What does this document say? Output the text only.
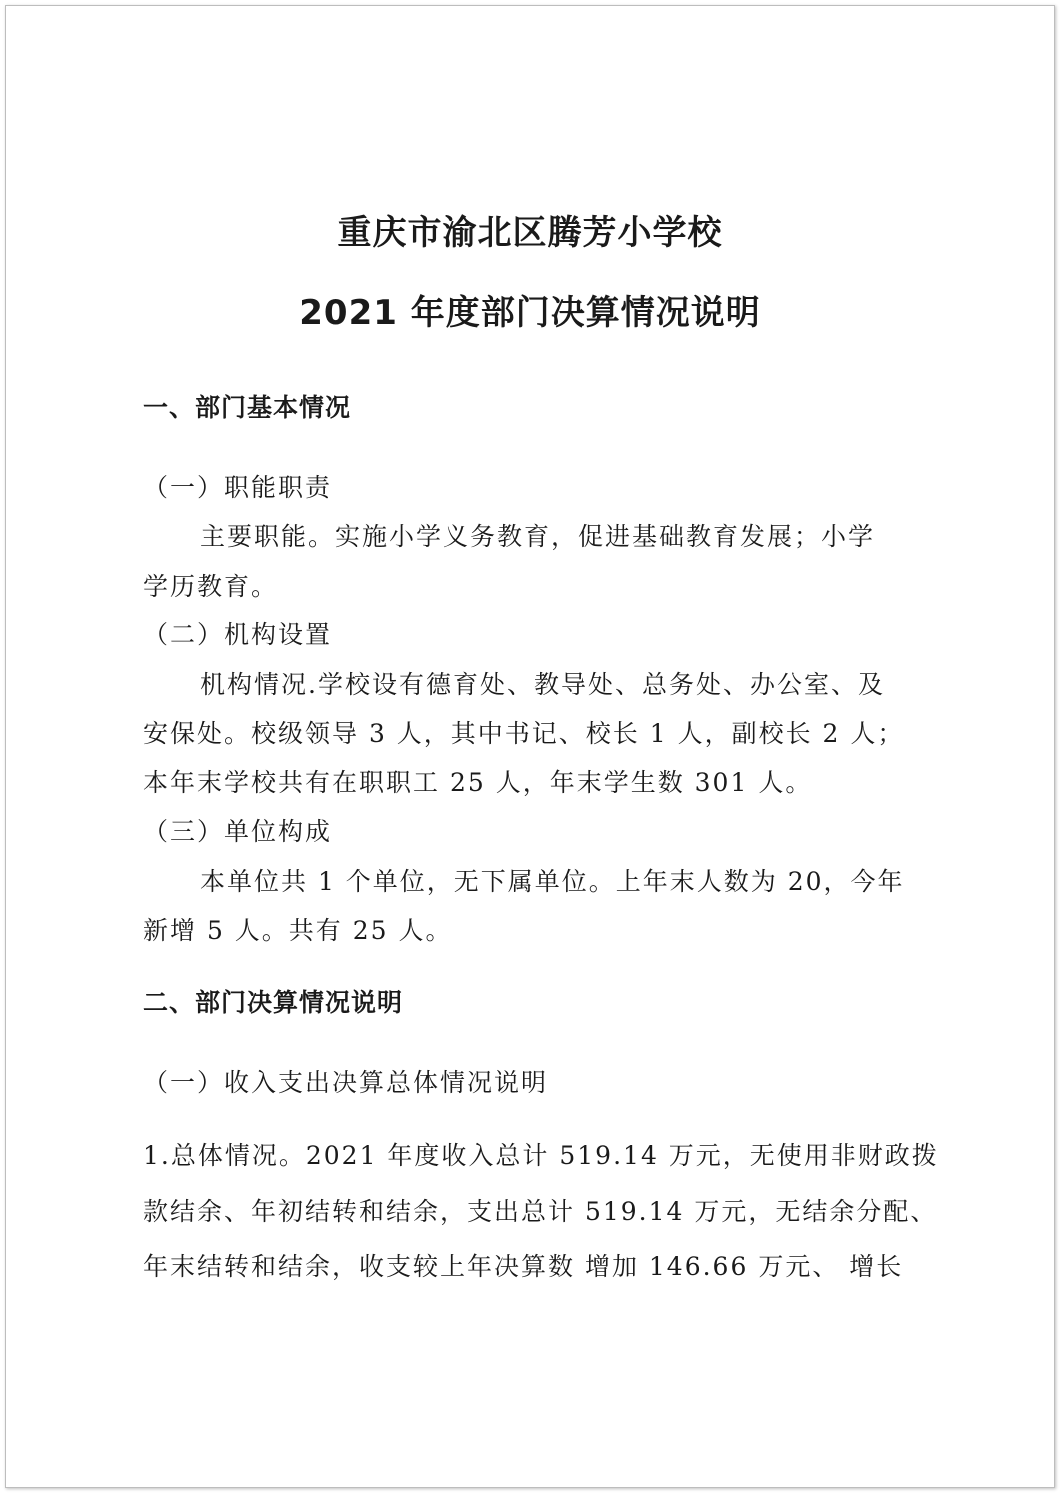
重庆市渝北区腾芳小学校
2021 年度部门决算情况说明
一、部门基本情况
（一）职能职责
主要职能。实施小学义务教育，促进基础教育发展；小学
学历教育。
（二）机构设置
机构情况.学校设有德育处、教导处、总务处、办公室、及
安保处。校级领导 3 人，其中书记、校长 1 人，副校长 2 人；
本年末学校共有在职职工 25 人，年末学生数 301 人。
（三）单位构成
本单位共 1 个单位，无下属单位。上年末人数为 20，今年
新增 5 人。共有 25 人。
二、部门决算情况说明
（一）收入支出决算总体情况说明
1.总体情况。2021 年度收入总计 519.14 万元，无使用非财政拨
款结余、年初结转和结余，支出总计 519.14 万元，无结余分配、
年末结转和结余，收支较上年决算数 增加 146.66 万元、 增长
